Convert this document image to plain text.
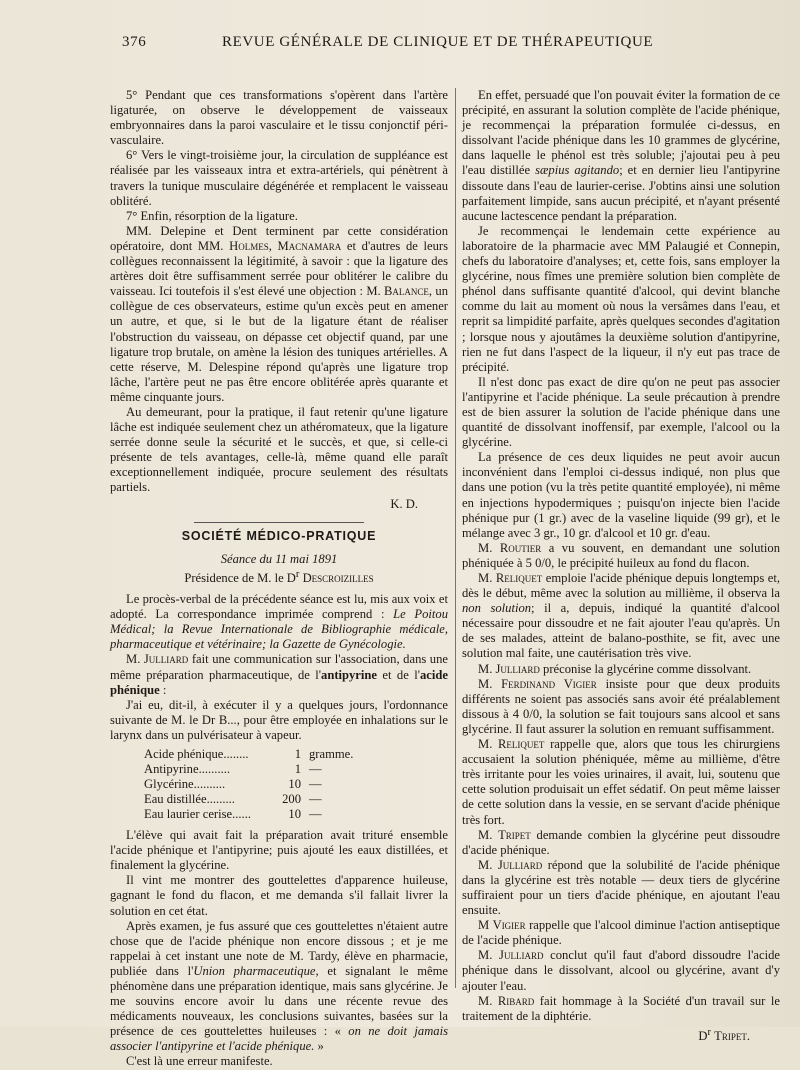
376	REVUE GÉNÉRALE DE CLINIQUE ET DE THÉRAPEUTIQUE

5° Pendant que ces transformations s'opèrent dans l'artère ligaturée, on observe le développement de vaisseaux embryonnaires dans la paroi vasculaire et le tissu conjonctif péri-vasculaire.

6° Vers le vingt-troisième jour, la circulation de suppléance est réalisée par les vaisseaux intra et extra-artériels, qui pénètrent à travers la tunique musculaire dégénérée et remplacent le vaisseau oblitéré.

7° Enfin, résorption de la ligature.

MM. Delepine et Dent terminent par cette considération opératoire, dont MM. Holmes, Macnamara et d'autres de leurs collègues reconnaissent la légitimité, à savoir : que la ligature des artères doit être suffisamment serrée pour oblitérer le calibre du vaisseau. Ici toutefois il s'est élevé une objection : M. Balance, un collègue de ces observateurs, estime qu'un excès peut en amener un autre, et que, si le but de la ligature étant de réaliser l'obstruction du vaisseau, on dépasse cet objectif quand, par une ligature trop brutale, on amène la lésion des tuniques artérielles. A cette réserve, M. Delespine répond qu'après une ligature trop lâche, l'artère peut ne pas être encore oblitérée après quarante et même cinquante jours.

Au demeurant, pour la pratique, il faut retenir qu'une ligature lâche est indiquée seulement chez un athéromateux, que la ligature serrée donne seule la sécurité et le succès, et que, si celle-ci présente de tels avantages, celle-là, même quand elle paraît exceptionnellement indiquée, procure seulement des résultats partiels.

K. D.

SOCIÉTÉ MÉDICO-PRATIQUE
Séance du 11 mai 1891
Présidence de M. le $D^r$ Descroizilles

Le procès-verbal de la précédente séance est lu, mis aux voix et adopté. La correspondance imprimée comprend : Le Poitou Médical; la Revue Internationale de Bibliographie médicale, pharmaceutique et vétérinaire; la Gazette de Gynécologie.

M. Julliard fait une communication sur l'association, dans une même préparation pharmaceutique, de l'antipyrine et de l'acide phénique :

J'ai eu, dit-il, à exécuter il y a quelques jours, l'ordonnance suivante de M. le Dr B..., pour être employée en inhalations sur le larynx dans un pulvérisateur à vapeur.

Acide phénique........	1	gramme.
Antipyrine..........	1	—
Glycérine..........	10	—
Eau distillée.........	200	—
Eau laurier cerise......	10	—

L'élève qui avait fait la préparation avait trituré ensemble l'acide phénique et l'antipyrine; puis ajouté les eaux distillées, et finalement la glycérine.

Il vint me montrer des gouttelettes d'apparence huileuse, gagnant le fond du flacon, et me demanda s'il fallait livrer la solution en cet état.

Après examen, je fus assuré que ces gouttelettes n'étaient autre chose que de l'acide phénique non encore dissous ; et je me rappelai à cet instant une note de M. Tardy, élève en pharmacie, publiée dans l'Union pharmaceutique, et signalant le même phénomène dans une préparation identique, mais sans glycérine. Je me souvins encore avoir lu dans une récente revue des médicaments nouveaux, les conclusions suivantes, basées sur la présence de ces gouttelettes huileuses : « on ne doit jamais associer l'antipyrine et l'acide phénique. »

C'est là une erreur manifeste.

En effet, persuadé que l'on pouvait éviter la formation de ce précipité, en assurant la solution complète de l'acide phénique, je recommençai la préparation formulée ci-dessus, en dissolvant l'acide phénique dans les 10 grammes de glycérine, dans laquelle le phénol est très soluble; j'ajoutai peu à peu l'eau distillée sæpius agitando; et en dernier lieu l'antipyrine dissoute dans l'eau de laurier-cerise. J'obtins ainsi une solution parfaitement limpide, sans aucun précipité, et n'ayant présenté aucune lactescence pendant la préparation.

Je recommençai le lendemain cette expérience au laboratoire de la pharmacie avec MM Palaugié et Connepin, chefs du laboratoire d'analyses; et, cette fois, sans employer la glycérine, nous fîmes une première solution bien complète de phénol dans suffisante quantité d'alcool, qui devint blanche comme du lait au moment où nous la versâmes dans l'eau, et reprit sa limpidité parfaite, après quelques secondes d'agitation ; lorsque nous y ajoutâmes la deuxième solution d'antipyrine, rien ne fut dans l'aspect de la liqueur, il n'y eut pas trace de précipité.

Il n'est donc pas exact de dire qu'on ne peut pas associer l'antipyrine et l'acide phénique. La seule précaution à prendre est de bien assurer la solution de l'acide phénique dans une quantité de dissolvant inoffensif, par exemple, l'alcool ou la glycérine.

La présence de ces deux liquides ne peut avoir aucun inconvénient dans l'emploi ci-dessus indiqué, non plus que dans une potion (vu la très petite quantité employée), ni même en injections hypodermiques ; puisqu'on injecte bien l'acide phénique pur (1 gr.) avec de la vaseline liquide (99 gr), et le mélange avec 3 gr., 10 gr. d'alcool et 10 gr. d'eau.

M. Routier a vu souvent, en demandant une solution phéniquée à 5 0/0, le précipité huileux au fond du flacon.

M. Reliquet emploie l'acide phénique depuis longtemps et, dès le début, même avec la solution au millième, il observa la non solution; il a, depuis, indiqué la quantité d'alcool nécessaire pour dissoudre et ne fait ajouter l'eau qu'après. Un de ses malades, atteint de balano-posthite, se fit, avec une solution mal faite, une cautérisation très vive.

M. Julliard préconise la glycérine comme dissolvant.

M. Ferdinand Vigier insiste pour que deux produits différents ne soient pas associés sans avoir été préalablement dissous à 4 0/0, la solution se fait toujours sans alcool et sans glycérine. Il faut assurer la solution en remuant suffisamment.

M. Reliquet rappelle que, alors que tous les chirurgiens accusaient la solution phéniquée, même au millième, d'être très irritante pour les voies urinaires, il avait, lui, soutenu que cette solution produisait un effet sédatif. On peut même laisser de cette solution dans la vessie, en se servant d'acide phénique très fort.

M. Tripet demande combien la glycérine peut dissoudre d'acide phénique.

M. Julliard répond que la solubilité de l'acide phénique dans la glycérine est très notable — deux tiers de glycérine suffiraient pour un tiers d'acide phénique, en ajoutant l'eau ensuite.

M Vigier rappelle que l'alcool diminue l'action antiseptique de l'acide phénique.

M. Julliard conclut qu'il faut d'abord dissoudre l'acide phénique dans le dissolvant, alcool ou glycérine, avant d'y ajouter l'eau.

M. Ribard fait hommage à la Société d'un travail sur le traitement de la diphtérie.

$D^r$ Tripet.
